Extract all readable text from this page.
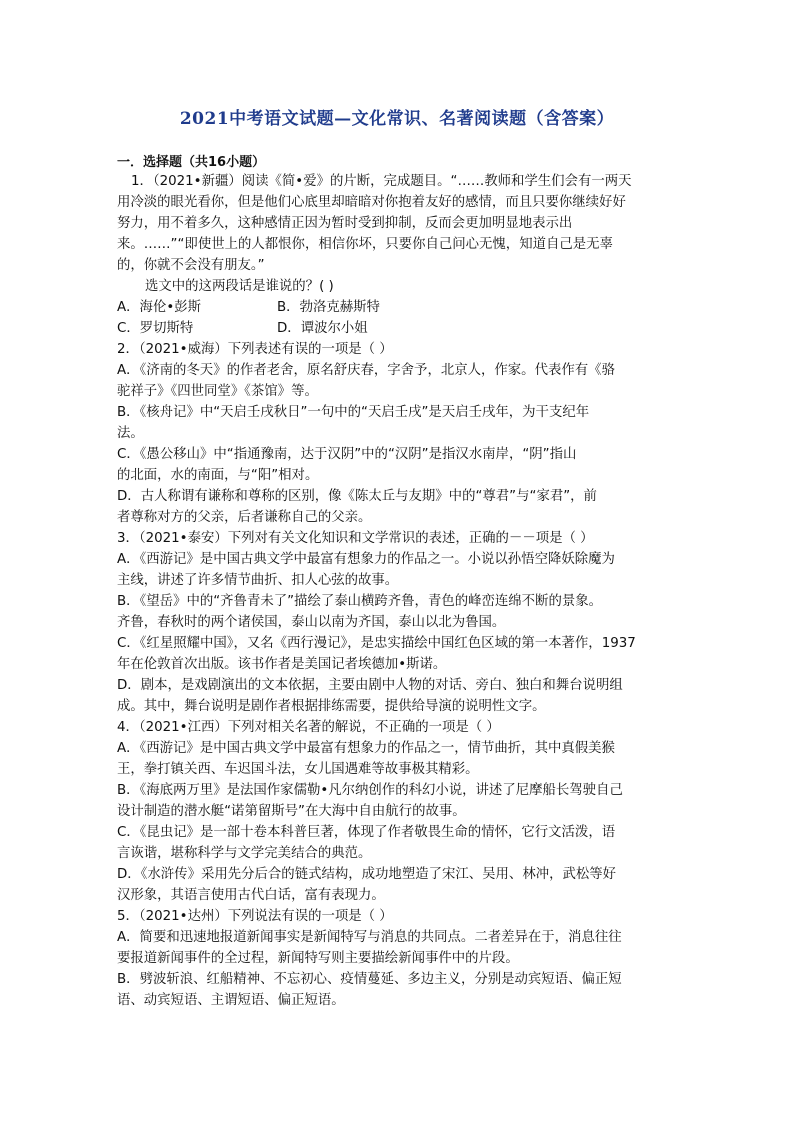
2021中考语文试题—文化常识、名著阅读题（含答案）
一．选择题（共16小题）
1．（2021•新疆）阅读《简•爱》的片断，完成题目。“……教师和学生们会有一两天
用冷淡的眼光看你，但是他们心底里却暗暗对你抱着友好的感情，而且只要你继续好好
努力，用不着多久，这种感情正因为暂时受到抑制，反而会更加明显地表示出
来。……”“即使世上的人都恨你，相信你坏，只要你自己问心无愧，知道自己是无辜
的，你就不会没有朋友。”
选文中的这两段话是谁说的？( )
A．海伦•彭斯	B．勃洛克赫斯特
C．罗切斯特	D．谭波尔小姐
2．（2021•威海）下列表述有误的一项是（ ）
A．《济南的冬天》的作者老舍，原名舒庆春，字舍予，北京人，作家。代表作有《骆
驼祥子》《四世同堂》《茶馆》等。
B．《核舟记》中“天启壬戌秋日”一句中的“天启壬戌”是天启壬戌年，为干支纪年
法。
C．《愚公移山》中“指通豫南，达于汉阴”中的“汉阴”是指汉水南岸，“阴”指山
的北面，水的南面，与“阳”相对。
D．古人称谓有谦称和尊称的区别，像《陈太丘与友期》中的“尊君”与“家君”，前
者尊称对方的父亲，后者谦称自己的父亲。
3．（2021•泰安）下列对有关文化知识和文学常识的表述，正确的－－项是（ ）
A．《西游记》是中国古典文学中最富有想象力的作品之一。小说以孙悟空降妖除魔为
主线，讲述了许多情节曲折、扣人心弦的故事。
B．《望岳》中的“齐鲁青未了”描绘了泰山横跨齐鲁，青色的峰峦连绵不断的景象。
齐鲁，春秋时的两个诸侯国，泰山以南为齐国，泰山以北为鲁国。
C．《红星照耀中国》，又名《西行漫记》，是忠实描绘中国红色区域的第一本著作，1937
年在伦敦首次出版。该书作者是美国记者埃德加•斯诺。
D．剧本，是戏剧演出的文本依据，主要由剧中人物的对话、旁白、独白和舞台说明组
成。其中，舞台说明是剧作者根据排练需要，提供给导演的说明性文字。
4．（2021•江西）下列对相关名著的解说，不正确的一项是（ ）
A．《西游记》是中国古典文学中最富有想象力的作品之一，情节曲折，其中真假美猴
王，拳打镇关西、车迟国斗法，女儿国遇难等故事极其精彩。
B．《海底两万里》是法国作家儒勒•凡尔纳创作的科幻小说，讲述了尼摩船长驾驶自己
设计制造的潜水艇“诺第留斯号”在大海中自由航行的故事。
C．《昆虫记》是一部十卷本科普巨著，体现了作者敬畏生命的情怀，它行文活泼，语
言诙谐，堪称科学与文学完美结合的典范。
D．《水浒传》采用先分后合的链式结构，成功地塑造了宋江、吴用、林冲，武松等好
汉形象，其语言使用古代白话，富有表现力。
5．（2021•达州）下列说法有误的一项是（ ）
A．简要和迅速地报道新闻事实是新闻特写与消息的共同点。二者差异在于，消息往往
要报道新闻事件的全过程，新闻特写则主要描绘新闻事件中的片段。
B．劈波斩浪、红船精神、不忘初心、疫情蔓延、多边主义，分别是动宾短语、偏正短
语、动宾短语、主谓短语、偏正短语。
